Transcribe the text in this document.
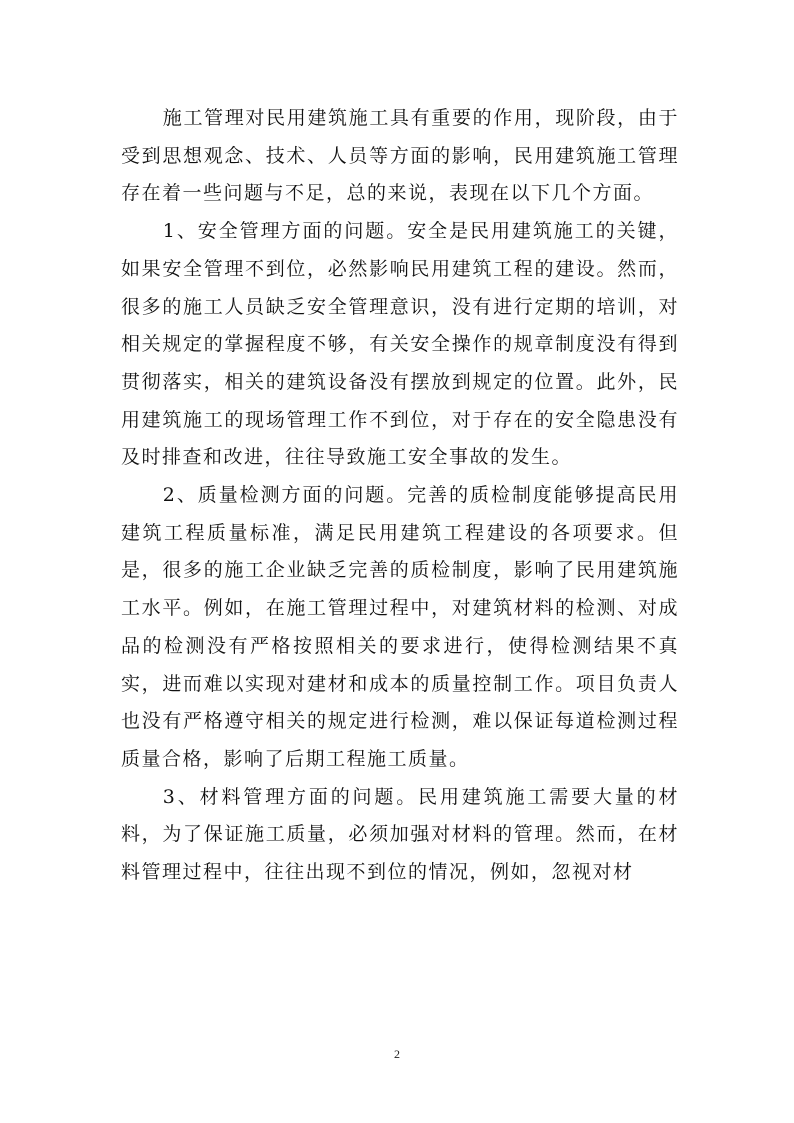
施工管理对民用建筑施工具有重要的作用，现阶段，由于受到思想观念、技术、人员等方面的影响，民用建筑施工管理存在着一些问题与不足，总的来说，表现在以下几个方面。

1、安全管理方面的问题。安全是民用建筑施工的关键，如果安全管理不到位，必然影响民用建筑工程的建设。然而，很多的施工人员缺乏安全管理意识，没有进行定期的培训，对相关规定的掌握程度不够，有关安全操作的规章制度没有得到贯彻落实，相关的建筑设备没有摆放到规定的位置。此外，民用建筑施工的现场管理工作不到位，对于存在的安全隐患没有及时排查和改进，往往导致施工安全事故的发生。

2、质量检测方面的问题。完善的质检制度能够提高民用建筑工程质量标准，满足民用建筑工程建设的各项要求。但是，很多的施工企业缺乏完善的质检制度，影响了民用建筑施工水平。例如，在施工管理过程中，对建筑材料的检测、对成品的检测没有严格按照相关的要求进行，使得检测结果不真实，进而难以实现对建材和成本的质量控制工作。项目负责人也没有严格遵守相关的规定进行检测，难以保证每道检测过程质量合格，影响了后期工程施工质量。

3、材料管理方面的问题。民用建筑施工需要大量的材料，为了保证施工质量，必须加强对材料的管理。然而，在材料管理过程中，往往出现不到位的情况，例如，忽视对材

2
